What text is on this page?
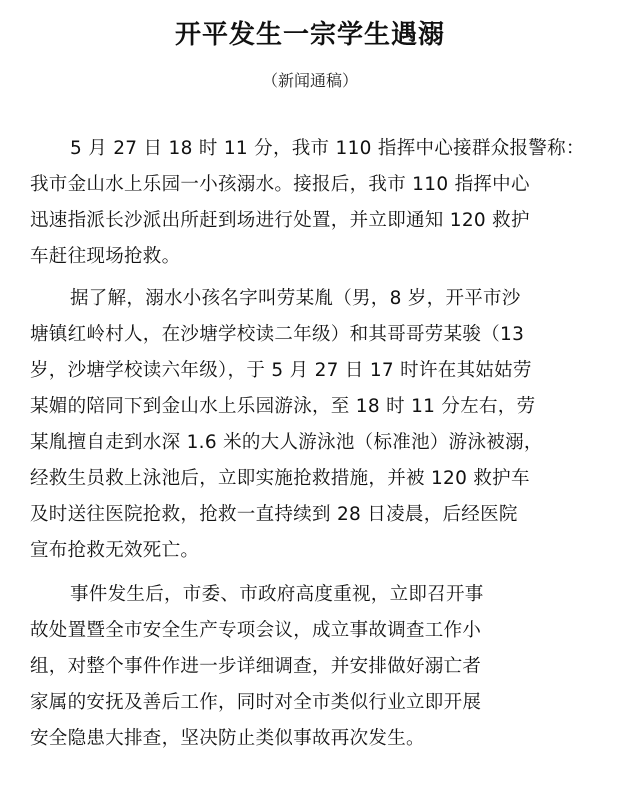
开平发生一宗学生遇溺
（新闻通稿）
5 月 27 日 18 时 11 分，我市 110 指挥中心接群众报警称：
我市金山水上乐园一小孩溺水。接报后，我市 110 指挥中心
迅速指派长沙派出所赶到场进行处置，并立即通知 120 救护
车赶往现场抢救。
据了解，溺水小孩名字叫劳某胤（男，8 岁，开平市沙
塘镇红岭村人，在沙塘学校读二年级）和其哥哥劳某骏（13
岁，沙塘学校读六年级），于 5 月 27 日 17 时许在其姑姑劳
某媚的陪同下到金山水上乐园游泳，至 18 时 11 分左右，劳
某胤擅自走到水深 1.6 米的大人游泳池（标准池）游泳被溺，
经救生员救上泳池后，立即实施抢救措施，并被 120 救护车
及时送往医院抢救，抢救一直持续到 28 日凌晨，后经医院
宣布抢救无效死亡。
事件发生后，市委、市政府高度重视，立即召开事
故处置暨全市安全生产专项会议，成立事故调查工作小
组，对整个事件作进一步详细调查，并安排做好溺亡者
家属的安抚及善后工作，同时对全市类似行业立即开展
安全隐患大排查，坚决防止类似事故再次发生。
